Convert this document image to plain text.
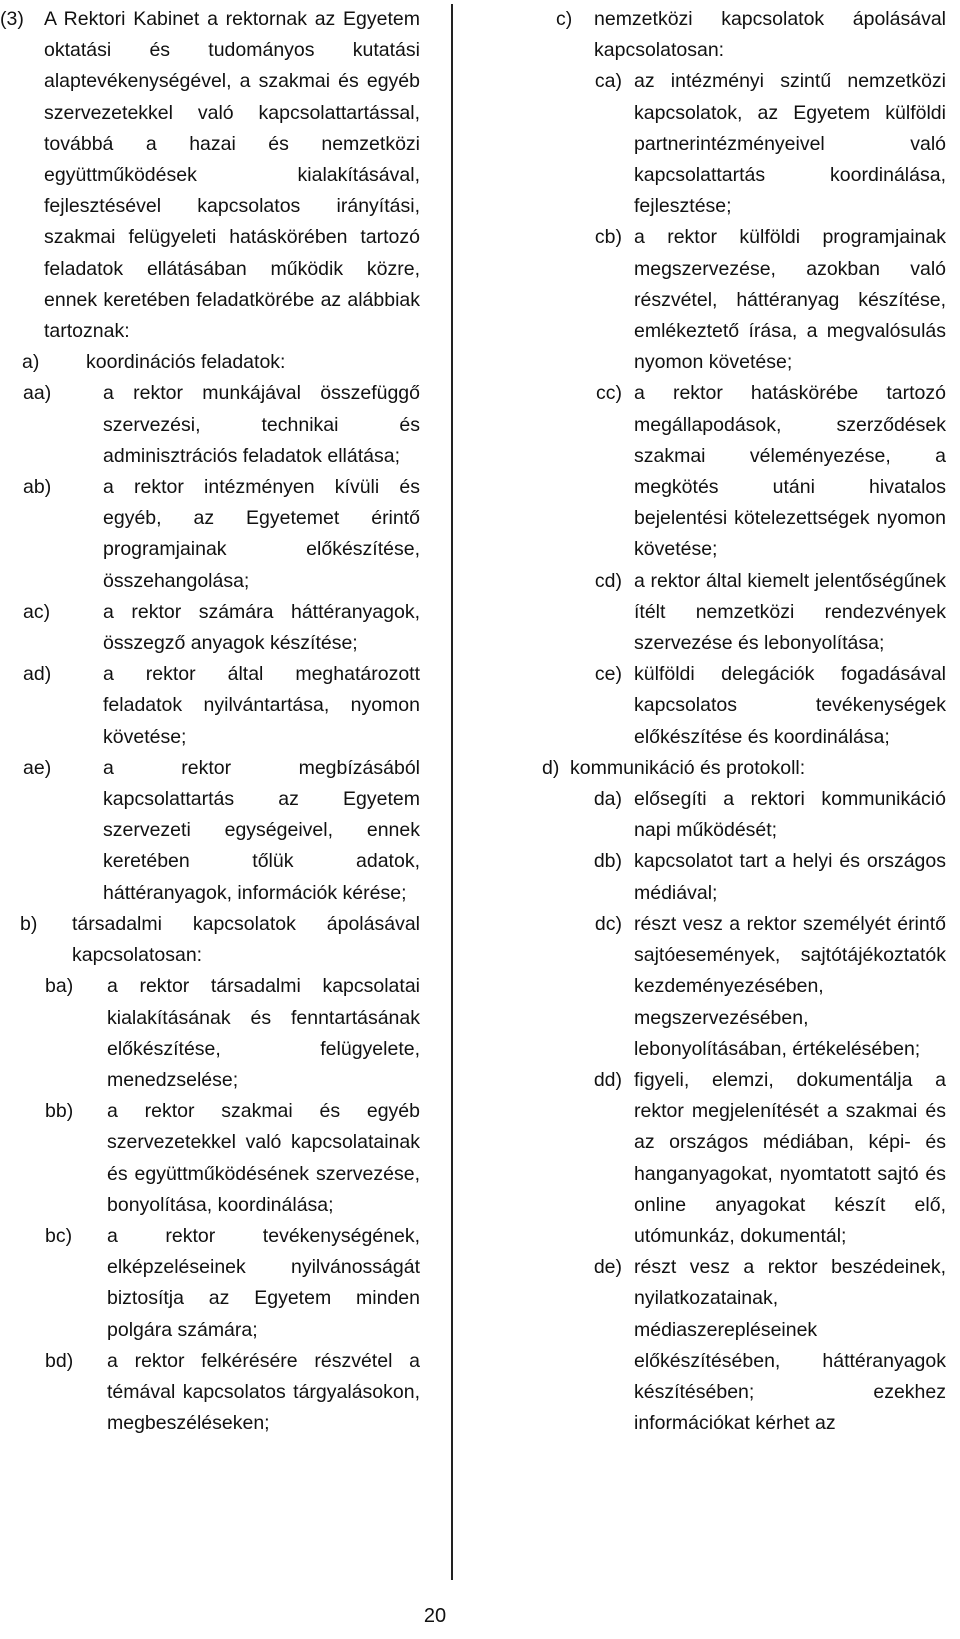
(3)	A Rektori Kabinet a rektornak az Egyetem oktatási és tudományos kutatási alaptevékenységével, a szakmai és egyéb szervezetekkel való kapcsolattartással, továbbá a hazai és nemzetközi együttműködések kialakításával, fejlesztésével kapcsolatos irányítási, szakmai felügyeleti hatáskörében tartozó feladatok ellátásában működik közre, ennek keretében feladatkörébe az alábbiak tartoznak:
a)	koordinációs feladatok:
aa)	a rektor munkájával összefüggő szervezési, technikai és adminisztrációs feladatok ellátása;
ab)	a rektor intézményen kívüli és egyéb, az Egyetemet érintő programjainak előkészítése, összehangolása;
ac)	a rektor számára háttéranyagok, összegző anyagok készítése;
ad)	a rektor által meghatározott feladatok nyilvántartása, nyomon követése;
ae)	a rektor megbízásából kapcsolattartás az Egyetem szervezeti egységeivel, ennek keretében tőlük adatok, háttéranyagok, információk kérése;
b)	társadalmi kapcsolatok ápolásával kapcsolatosan:
ba)	a rektor társadalmi kapcsolatai kialakításának és fenntartásának előkészítése, felügyelete, menedzselése;
bb)	a rektor szakmai és egyéb szervezetekkel való kapcsolatainak és együttműködésének szervezése, bonyolítása, koordinálása;
bc)	a rektor tevékenységének, elképzeléseinek nyilvánosságát biztosítja az Egyetem minden polgára számára;
bd)	a rektor felkérésére részvétel a témával kapcsolatos tárgyalásokon, megbeszéléseken;
c)	nemzetközi kapcsolatok ápolásával kapcsolatosan:
ca) az intézményi szintű nemzetközi kapcsolatok, az Egyetem külföldi partnerintézményeivel való kapcsolattartás koordinálása, fejlesztése;
cb) a rektor külföldi programjainak megszervezése, azokban való részvétel, háttéranyag készítése, emlékeztető írása, a megvalósulás nyomon követése;
cc) a rektor hatáskörébe tartozó megállapodások, szerződések szakmai véleményezése, a megkötés utáni hivatalos bejelentési kötelezettségek nyomon követése;
cd) a rektor által kiemelt jelentőségűnek ítélt nemzetközi rendezvények szervezése és lebonyolítása;
ce) külföldi delegációk fogadásával kapcsolatos tevékenységek előkészítése és koordinálása;
d) kommunikáció és protokoll:
da) elősegíti a rektori kommunikáció napi működését;
db) kapcsolatot tart a helyi és országos médiával;
dc) részt vesz a rektor személyét érintő sajtóesemények, sajtótájékoztatók kezdeményezésében, megszervezésében, lebonyolításában, értékelésében;
dd) figyeli, elemzi, dokumentálja a rektor megjelenítését a szakmai és az országos médiában, képi- és hanganyagokat, nyomtatott sajtó és online anyagokat készít elő, utómunkáz, dokumentál;
de) részt vesz a rektor beszédeinek, nyilatkozatainak, médiaszerepléseinek előkészítésében, háttéranyagok készítésében; ezekhez információkat kérhet az
20
